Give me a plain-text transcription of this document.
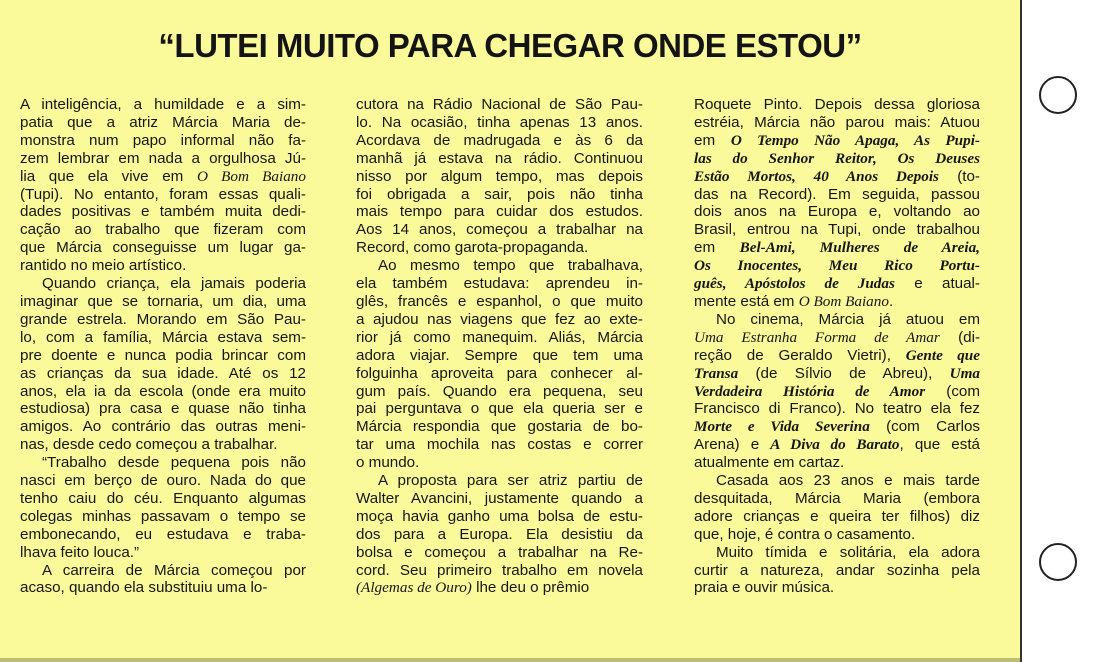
“LUTEI MUITO PARA CHEGAR ONDE ESTOU”
A inteligência, a humildade e a sim-
patia que a atriz Márcia Maria de-
monstra num papo informal não fa-
zem lembrar em nada a orgulhosa Jú-
lia que ela vive em O Bom Baiano
(Tupi). No entanto, foram essas quali-
dades positivas e também muita dedi-
cação ao trabalho que fizeram com
que Márcia conseguisse um lugar ga-
rantido no meio artístico.
Quando criança, ela jamais poderia
imaginar que se tornaria, um dia, uma
grande estrela. Morando em São Pau-
lo, com a família, Márcia estava sem-
pre doente e nunca podia brincar com
as crianças da sua idade. Até os 12
anos, ela ia da escola (onde era muito
estudiosa) pra casa e quase não tinha
amigos. Ao contrário das outras meni-
nas, desde cedo começou a trabalhar.
“Trabalho desde pequena pois não
nasci em berço de ouro. Nada do que
tenho caiu do céu. Enquanto algumas
colegas minhas passavam o tempo se
embonecando, eu estudava e traba-
lhava feito louca.”
A carreira de Márcia começou por
acaso, quando ela substituiu uma lo-
cutora na Rádio Nacional de São Pau-
lo. Na ocasião, tinha apenas 13 anos.
Acordava de madrugada e às 6 da
manhã já estava na rádio. Continuou
nisso por algum tempo, mas depois
foi obrigada a sair, pois não tinha
mais tempo para cuidar dos estudos.
Aos 14 anos, começou a trabalhar na
Record, como garota-propaganda.
Ao mesmo tempo que trabalhava,
ela também estudava: aprendeu in-
glês, francês e espanhol, o que muito
a ajudou nas viagens que fez ao exte-
rior já como manequim. Aliás, Márcia
adora viajar. Sempre que tem uma
folguinha aproveita para conhecer al-
gum país. Quando era pequena, seu
pai perguntava o que ela queria ser e
Márcia respondia que gostaria de bo-
tar uma mochila nas costas e correr
o mundo.
A proposta para ser atriz partiu de
Walter Avancini, justamente quando a
moça havia ganho uma bolsa de estu-
dos para a Europa. Ela desistiu da
bolsa e começou a trabalhar na Re-
cord. Seu primeiro trabalho em novela
(Algemas de Ouro) lhe deu o prêmio
Roquete Pinto. Depois dessa gloriosa
estréia, Márcia não parou mais: Atuou
em O Tempo Não Apaga, As Pupi-
las do Senhor Reitor, Os Deuses
Estão Mortos, 40 Anos Depois (to-
das na Record). Em seguida, passou
dois anos na Europa e, voltando ao
Brasil, entrou na Tupi, onde trabalhou
em Bel-Ami, Mulheres de Areia,
Os Inocentes, Meu Rico Portu-
guês, Apóstolos de Judas e atual-
mente está em O Bom Baiano.
No cinema, Márcia já atuou em
Uma Estranha Forma de Amar (di-
reção de Geraldo Vietri), Gente que
Transa (de Sílvio de Abreu), Uma
Verdadeira História de Amor (com
Francisco di Franco). No teatro ela fez
Morte e Vida Severina (com Carlos
Arena) e A Diva do Barato, que está
atualmente em cartaz.
Casada aos 23 anos e mais tarde
desquitada, Márcia Maria (embora
adore crianças e queira ter filhos) diz
que, hoje, é contra o casamento.
Muito tímida e solitária, ela adora
curtir a natureza, andar sozinha pela
praia e ouvir música.
